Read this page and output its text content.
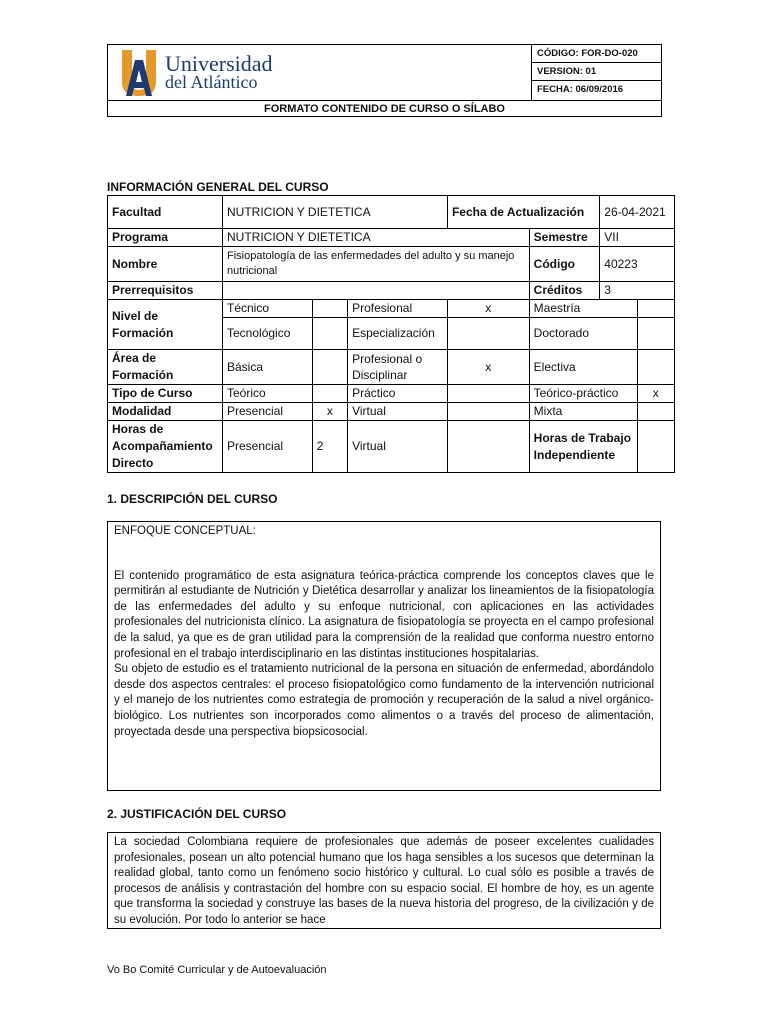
Universidad
del Atlántico
CÓDIGO: FOR-DO-020
VERSION: 01
FECHA: 06/09/2016
FORMATO CONTENIDO DE CURSO O SÍLABO
INFORMACIÓN GENERAL DEL CURSO
Facultad	NUTRICION Y DIETETICA			Fecha de Actualización		26-04-2021	
Programa	NUTRICION Y DIETETICA				Semestre	VII	
Nombre	Fisiopatología de las enfermedades del adulto y su manejo nutricional				Código	40223	
Prerrequisitos					Créditos	3	
Nivel de Formación	Técnico		Profesional	x	Maestría		
	Tecnológico		Especialización		Doctorado		
Área de Formación	Básica		Profesional o Disciplinar	x	Electiva		
Tipo de Curso	Teórico		Práctico		Teórico-práctico		x
Modalidad	Presencial	x	Virtual		Mixta		
Horas de Acompañamiento Directo	Presencial	2	Virtual		Horas de Trabajo Independiente		
1. DESCRIPCIÓN DEL CURSO
ENFOQUE CONCEPTUAL:
El contenido programático de esta asignatura teórica-práctica comprende los conceptos claves que le permitirán al estudiante de Nutrición y Dietética desarrollar y analizar los lineamientos de la fisiopatología de las enfermedades del adulto y su enfoque nutricional, con aplicaciones en las actividades profesionales del nutricionista clínico. La asignatura de fisiopatología se proyecta en el campo profesional de la salud, ya que es de gran utilidad para la comprensión de la realidad que conforma nuestro entorno profesional en el trabajo interdisciplinario en las distintas instituciones hospitalarias.
Su objeto de estudio es el tratamiento nutricional de la persona en situación de enfermedad, abordándolo desde dos aspectos centrales: el proceso fisiopatológico como fundamento de la intervención nutricional y el manejo de los nutrientes como estrategia de promoción y recuperación de la salud a nivel orgánico-biológico. Los nutrientes son incorporados como alimentos o a través del proceso de alimentación, proyectada desde una perspectiva biopsicosocial.
2. JUSTIFICACIÓN DEL CURSO
La sociedad Colombiana requiere de profesionales que además de poseer excelentes cualidades profesionales, posean un alto potencial humano que los haga sensibles a los sucesos que determinan la realidad global, tanto como un fenómeno socio histórico y cultural. Lo cual sólo es posible a través de procesos de análisis y contrastación del hombre con su espacio social. El hombre de hoy, es un agente que transforma la sociedad y construye las bases de la nueva historia del progreso, de la civilización y de su evolución. Por todo lo anterior se hace
Vo Bo Comité Curricular y de Autoevaluación
